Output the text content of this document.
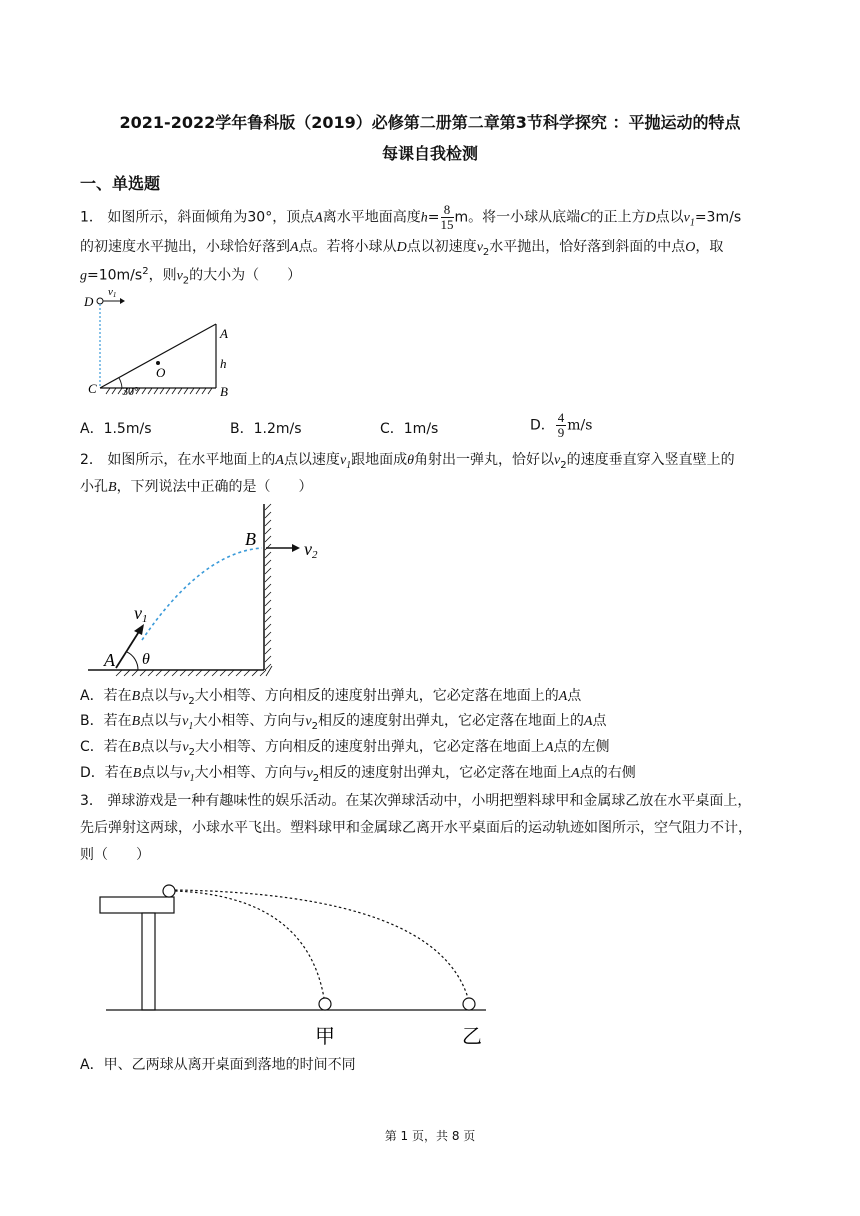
2021-2022学年鲁科版（2019）必修第二册第二章第3节科学探究 ：平抛运动的特点
每课自我检测
一、单选题
1． 如图所示，斜面倾角为30°，顶点A离水平地面高度$h= \frac{8}{15}$ m。将一小球从底端C的正上方D点以$v_1=3m/s$
的初速度水平抛出，小球恰好落到A点。若将小球从D点以初速度$v_2$水平抛出，恰好落到斜面的中点O，取
$g=10m/s^2$，则$v_2$的大小为（　　）
D
v1
A
h
O
C	B
30°
A．1.5m/s	B．1.2m/s	C．1m/s	D． $\frac{4}{9} m/s$
2． 如图所示，在水平地面上的A点以速度$v_1$跟地面成θ角射出一弹丸，恰好以$v_2$的速度垂直穿入竖直壁上的
小孔B，下列说法中正确的是（　　）
B	v2
v1
A θ
A．若在B点以与$v_2$大小相等、方向相反的速度射出弹丸，它必定落在地面上的A点
B．若在B点以与$v_1$大小相等、方向与$v_2$相反的速度射出弹丸，它必定落在地面上的A点
C．若在B点以与$v_2$大小相等、方向相反的速度射出弹丸，它必定落在地面上A点的左侧
D．若在B点以与$v_1$大小相等、方向与$v_2$相反的速度射出弹丸，它必定落在地面上A点的右侧
3． 弹球游戏是一种有趣味性的娱乐活动。在某次弹球活动中，小明把塑料球甲和金属球乙放在水平桌面上，
先后弹射这两球，小球水平飞出。塑料球甲和金属球乙离开水平桌面后的运动轨迹如图所示，空气阻力不计，
则（　　）
甲	乙
A．甲、乙两球从离开桌面到落地的时间不同
第 1 页，共 8 页
